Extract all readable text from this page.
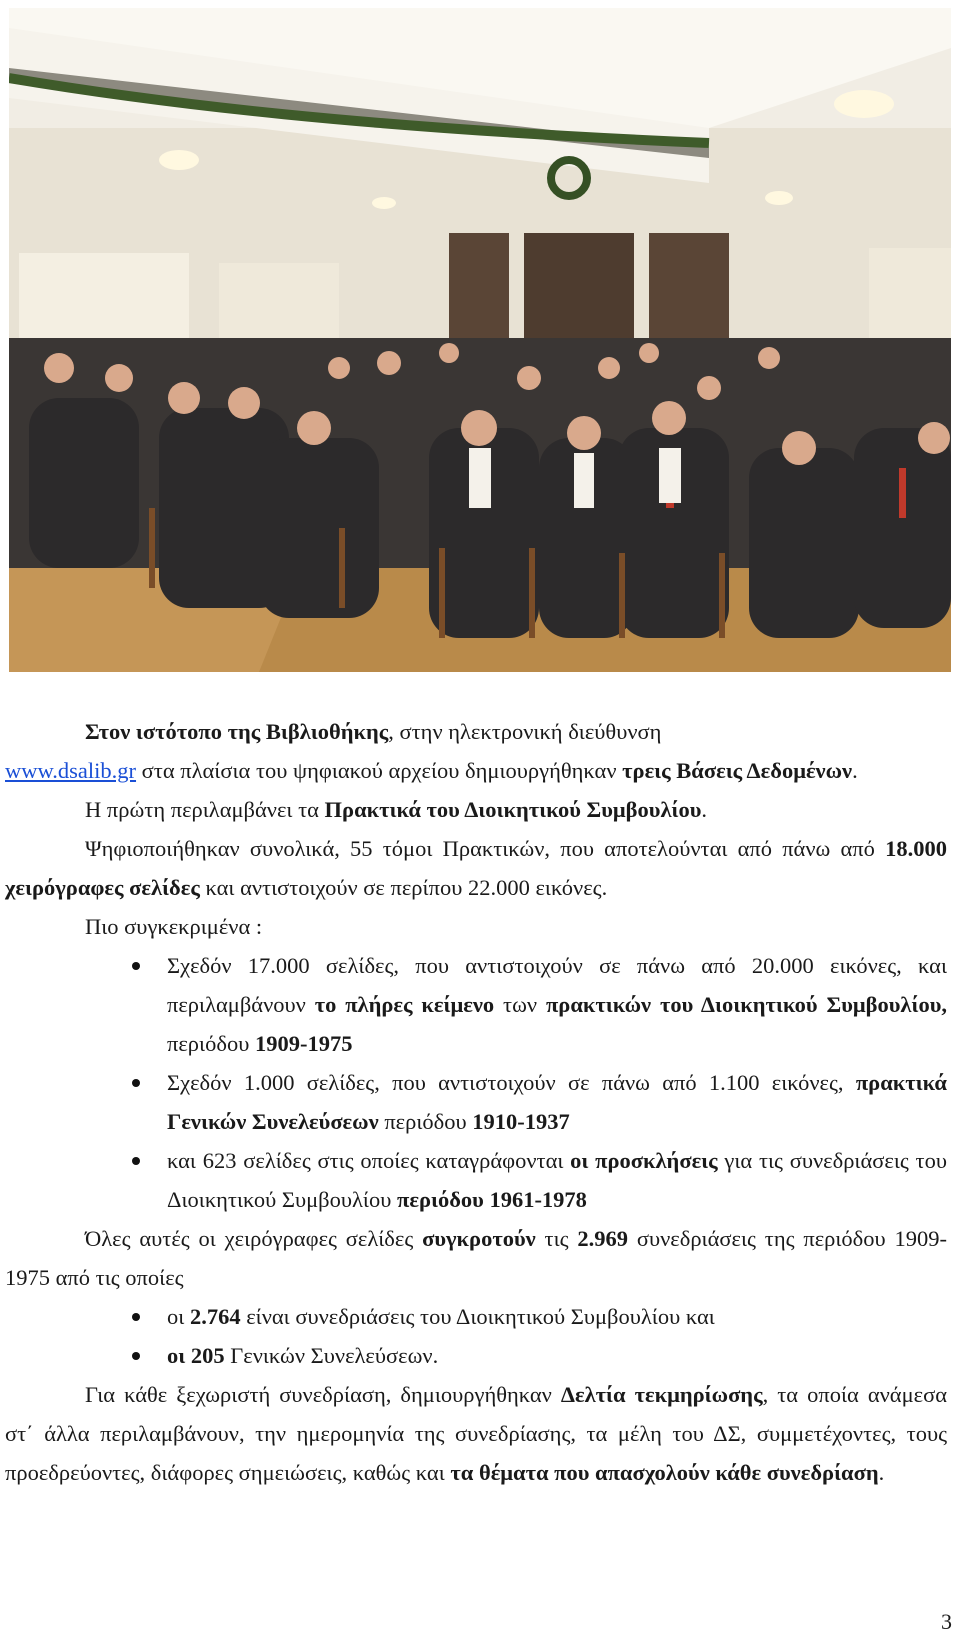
Στον ιστότοπο της Βιβλιοθήκης, στην ηλεκτρονική διεύθυνση
www.dsalib.gr στα πλαίσια του ψηφιακού αρχείου δημιουργήθηκαν τρεις Βάσεις Δεδομένων.

Η πρώτη περιλαμβάνει τα Πρακτικά του Διοικητικού Συμβουλίου.

Ψηφιοποιήθηκαν συνολικά, 55 τόμοι Πρακτικών, που αποτελούνται από πάνω από 18.000 χειρόγραφες σελίδες και αντιστοιχούν σε περίπου 22.000 εικόνες.

Πιο συγκεκριμένα :

Σχεδόν 17.000 σελίδες, που αντιστοιχούν σε πάνω από 20.000 εικόνες, και περιλαμβάνουν το πλήρες κείμενο των πρακτικών του Διοικητικού Συμβουλίου, περιόδου 1909-1975
Σχεδόν 1.000 σελίδες, που αντιστοιχούν σε πάνω από 1.100 εικόνες, πρακτικά Γενικών Συνελεύσεων περιόδου 1910-1937
και 623 σελίδες στις οποίες καταγράφονται οι προσκλήσεις για τις συνεδριάσεις του Διοικητικού Συμβουλίου περιόδου 1961-1978

Όλες αυτές οι χειρόγραφες σελίδες συγκροτούν τις 2.969 συνεδριάσεις της περιόδου 1909-1975 από τις οποίες

οι 2.764 είναι συνεδριάσεις του Διοικητικού Συμβουλίου και
οι 205 Γενικών Συνελεύσεων.

Για κάθε ξεχωριστή συνεδρίαση, δημιουργήθηκαν Δελτία τεκμηρίωσης, τα οποία ανάμεσα στ΄ άλλα περιλαμβάνουν, την ημερομηνία της συνεδρίασης, τα μέλη του ΔΣ, συμμετέχοντες, τους προεδρεύοντες, διάφορες σημειώσεις, καθώς και τα θέματα που απασχολούν κάθε συνεδρίαση.

3
